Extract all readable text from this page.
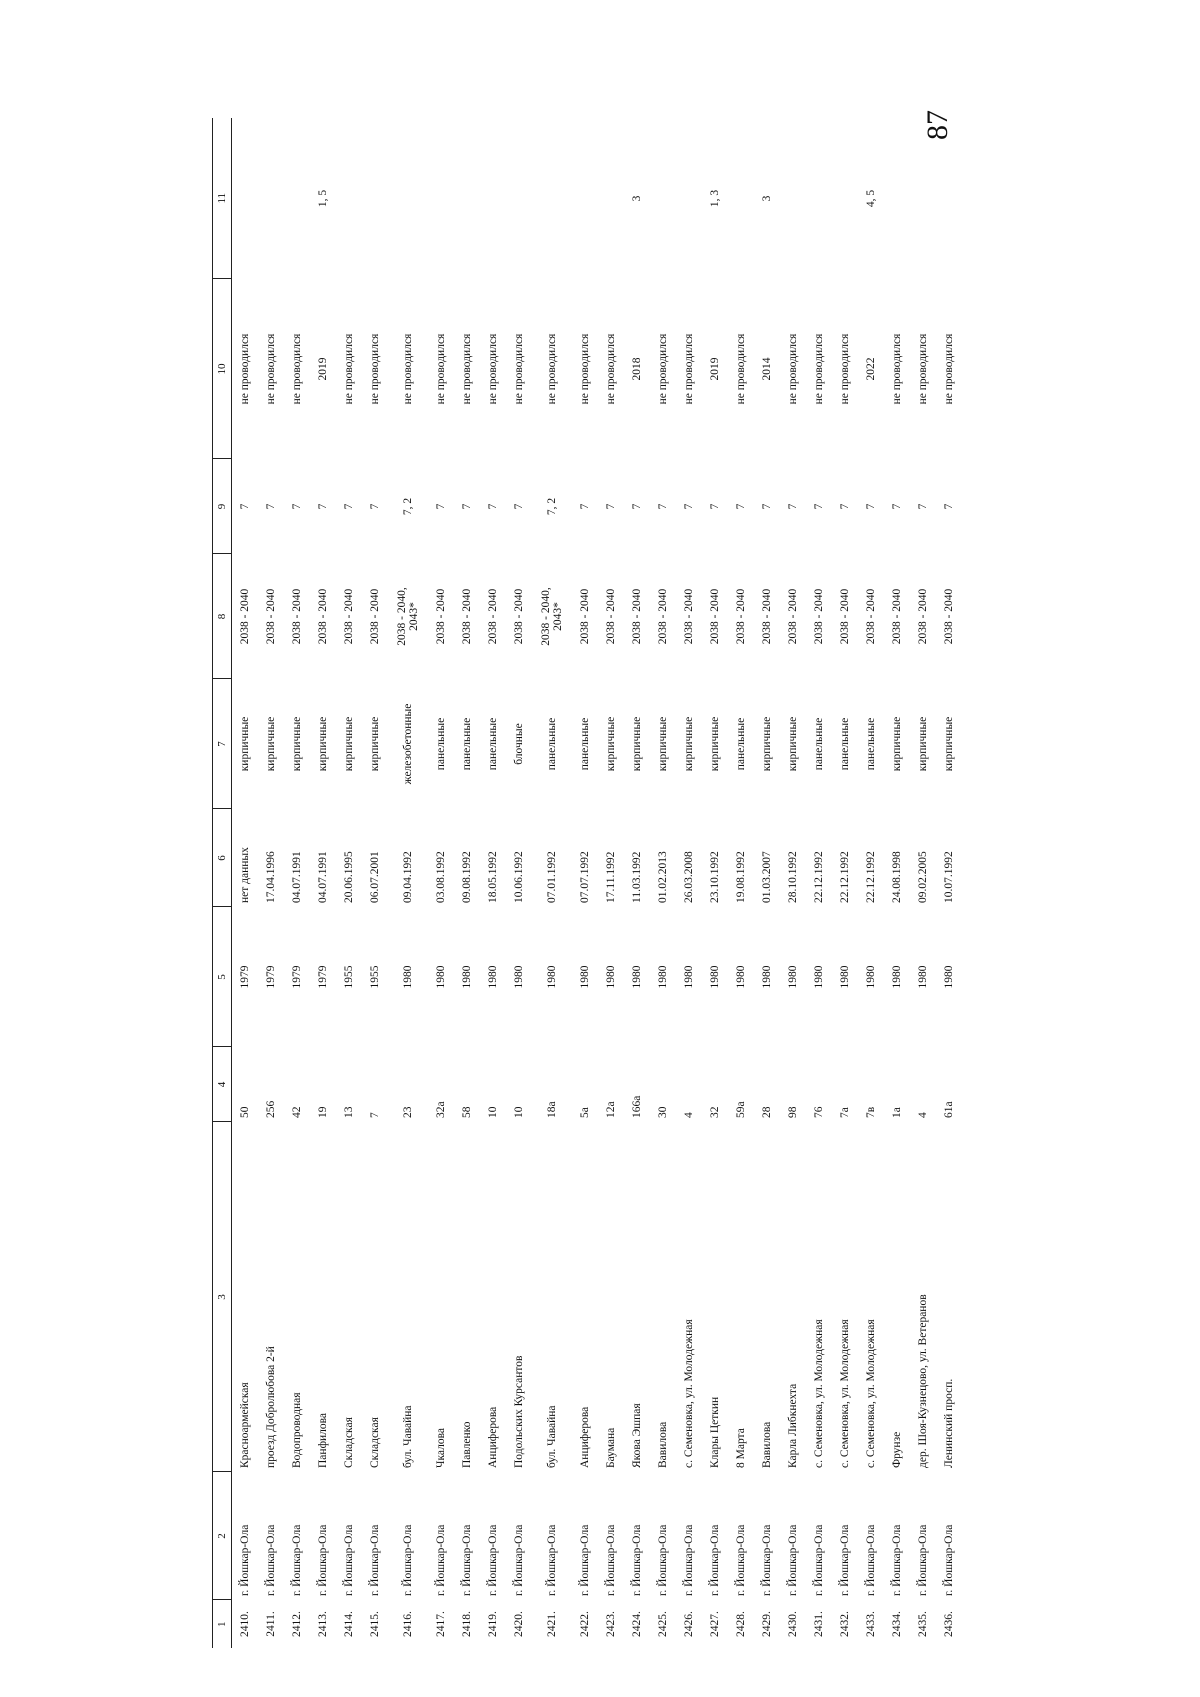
87
1	2	3	4	5	6	7	8	9	10	11
2410.	г. Йошкар-Ола	Красноармейская	50	1979	нет данных	кирпичные	2038 - 2040	7	не проводился	
2411.	г. Йошкар-Ола	проезд Добролюбова 2-й	256	1979	17.04.1996	кирпичные	2038 - 2040	7	не проводился	
2412.	г. Йошкар-Ола	Водопроводная	42	1979	04.07.1991	кирпичные	2038 - 2040	7	не проводился	
2413.	г. Йошкар-Ола	Панфилова	19	1979	04.07.1991	кирпичные	2038 - 2040	7	2019	1, 5
2414.	г. Йошкар-Ола	Складская	13	1955	20.06.1995	кирпичные	2038 - 2040	7	не проводился	
2415.	г. Йошкар-Ола	Складская	7	1955	06.07.2001	кирпичные	2038 - 2040	7	не проводился	
2416.	г. Йошкар-Ола	бул. Чавайна	23	1980	09.04.1992	железобетонные	2038 - 2040, 2043*	7, 2	не проводился	
2417.	г. Йошкар-Ола	Чкалова	32а	1980	03.08.1992	панельные	2038 - 2040	7	не проводился	
2418.	г. Йошкар-Ола	Павленко	58	1980	09.08.1992	панельные	2038 - 2040	7	не проводился	
2419.	г. Йошкар-Ола	Анциферова	10	1980	18.05.1992	панельные	2038 - 2040	7	не проводился	
2420.	г. Йошкар-Ола	Подольских Курсантов	10	1980	10.06.1992	блочные	2038 - 2040	7	не проводился	
2421.	г. Йошкар-Ола	бул. Чавайна	18а	1980	07.01.1992	панельные	2038 - 2040, 2043*	7, 2	не проводился	
2422.	г. Йошкар-Ола	Анциферова	5а	1980	07.07.1992	панельные	2038 - 2040	7	не проводился	
2423.	г. Йошкар-Ола	Баумана	12а	1980	17.11.1992	кирпичные	2038 - 2040	7	не проводился	
2424.	г. Йошкар-Ола	Якова Эшпая	166а	1980	11.03.1992	кирпичные	2038 - 2040	7	2018	3
2425.	г. Йошкар-Ола	Вавилова	30	1980	01.02.2013	кирпичные	2038 - 2040	7	не проводился	
2426.	г. Йошкар-Ола	с. Семеновка, ул. Молодежная	4	1980	26.03.2008	кирпичные	2038 - 2040	7	не проводился	
2427.	г. Йошкар-Ола	Клары Цеткин	32	1980	23.10.1992	кирпичные	2038 - 2040	7	2019	1, 3
2428.	г. Йошкар-Ола	8 Марта	59а	1980	19.08.1992	панельные	2038 - 2040	7	не проводился	
2429.	г. Йошкар-Ола	Вавилова	28	1980	01.03.2007	кирпичные	2038 - 2040	7	2014	3
2430.	г. Йошкар-Ола	Карла Либкнехта	98	1980	28.10.1992	кирпичные	2038 - 2040	7	не проводился	
2431.	г. Йошкар-Ола	с. Семеновка, ул. Молодежная	76	1980	22.12.1992	панельные	2038 - 2040	7	не проводился	
2432.	г. Йошкар-Ола	с. Семеновка, ул. Молодежная	7а	1980	22.12.1992	панельные	2038 - 2040	7	не проводился	
2433.	г. Йошкар-Ола	с. Семеновка, ул. Молодежная	7в	1980	22.12.1992	панельные	2038 - 2040	7	2022	4, 5
2434.	г. Йошкар-Ола	Фрунзе	1а	1980	24.08.1998	кирпичные	2038 - 2040	7	не проводился	
2435.	г. Йошкар-Ола	дер. Шоя-Кузнецово, ул. Ветеранов	4	1980	09.02.2005	кирпичные	2038 - 2040	7	не проводился	
2436.	г. Йошкар-Ола	Ленинский просп.	61а	1980	10.07.1992	кирпичные	2038 - 2040	7	не проводился	
